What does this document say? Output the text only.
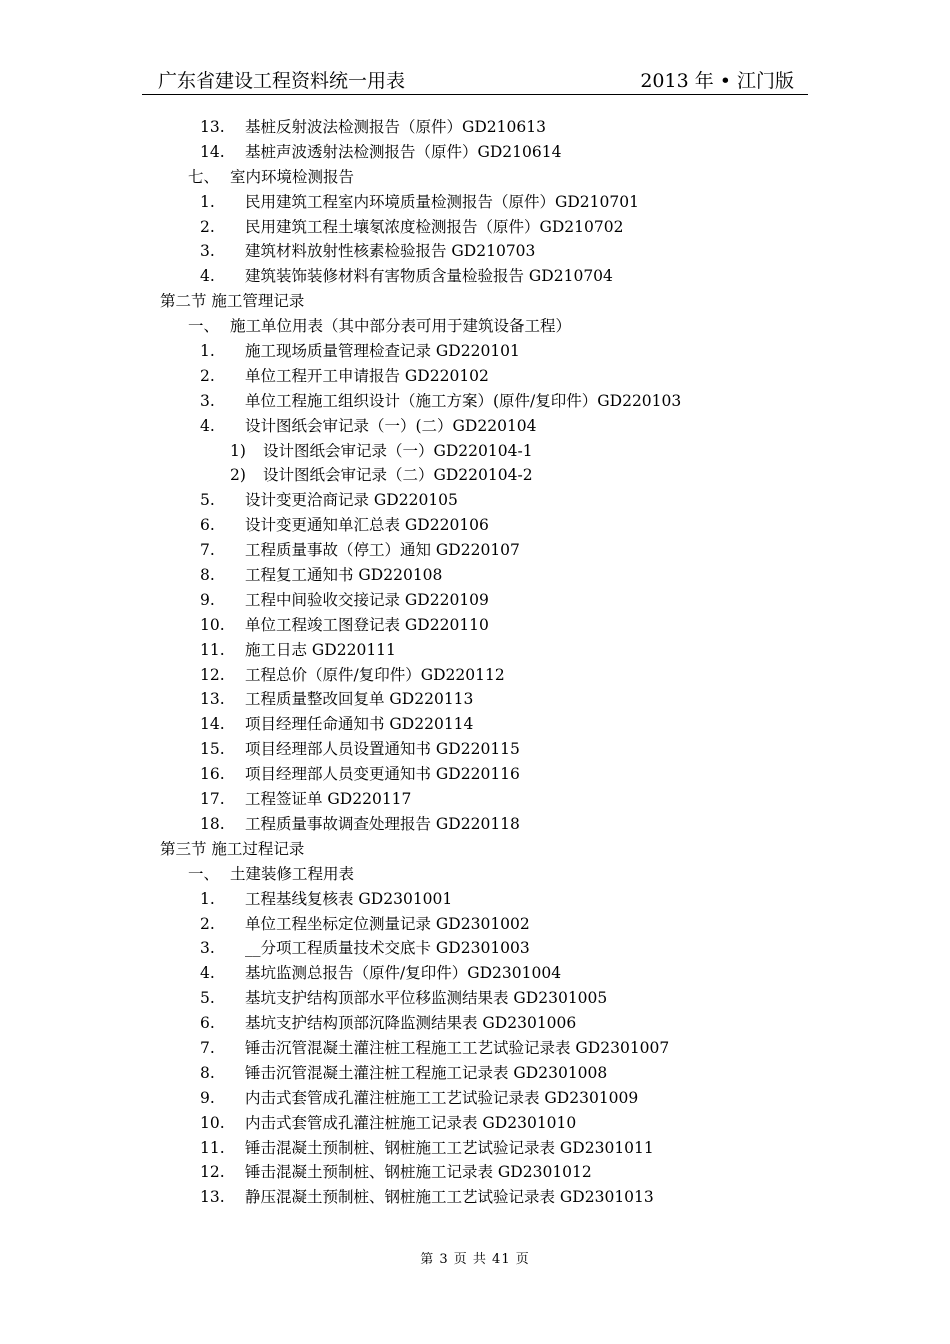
广东省建设工程资料统一用表	2013 年 • 江门版
13. 基桩反射波法检测报告（原件）GD210613
14. 基桩声波透射法检测报告（原件）GD210614
七、 室内环境检测报告
1. 民用建筑工程室内环境质量检测报告（原件）GD210701
2. 民用建筑工程土壤氡浓度检测报告（原件）GD210702
3. 建筑材料放射性核素检验报告 GD210703
4. 建筑装饰装修材料有害物质含量检验报告 GD210704
第二节 施工管理记录
一、 施工单位用表（其中部分表可用于建筑设备工程）
1. 施工现场质量管理检查记录 GD220101
2. 单位工程开工申请报告 GD220102
3. 单位工程施工组织设计（施工方案）(原件/复印件）GD220103
4. 设计图纸会审记录（一）(二）GD220104
1) 设计图纸会审记录（一）GD220104-1
2) 设计图纸会审记录（二）GD220104-2
5. 设计变更洽商记录 GD220105
6. 设计变更通知单汇总表 GD220106
7. 工程质量事故（停工）通知 GD220107
8. 工程复工通知书 GD220108
9. 工程中间验收交接记录 GD220109
10. 单位工程竣工图登记表 GD220110
11. 施工日志 GD220111
12. 工程总价（原件/复印件）GD220112
13. 工程质量整改回复单 GD220113
14. 项目经理任命通知书 GD220114
15. 项目经理部人员设置通知书 GD220115
16. 项目经理部人员变更通知书 GD220116
17. 工程签证单 GD220117
18. 工程质量事故调查处理报告 GD220118
第三节 施工过程记录
一、 土建装修工程用表
1. 工程基线复核表 GD2301001
2. 单位工程坐标定位测量记录 GD2301002
3. __分项工程质量技术交底卡 GD2301003
4. 基坑监测总报告（原件/复印件）GD2301004
5. 基坑支护结构顶部水平位移监测结果表 GD2301005
6. 基坑支护结构顶部沉降监测结果表 GD2301006
7. 锤击沉管混凝土灌注桩工程施工工艺试验记录表 GD2301007
8. 锤击沉管混凝土灌注桩工程施工记录表 GD2301008
9. 内击式套管成孔灌注桩施工工艺试验记录表 GD2301009
10. 内击式套管成孔灌注桩施工记录表 GD2301010
11. 锤击混凝土预制桩、钢桩施工工艺试验记录表 GD2301011
12. 锤击混凝土预制桩、钢桩施工记录表 GD2301012
13. 静压混凝土预制桩、钢桩施工工艺试验记录表 GD2301013
第 3 页 共 41 页
